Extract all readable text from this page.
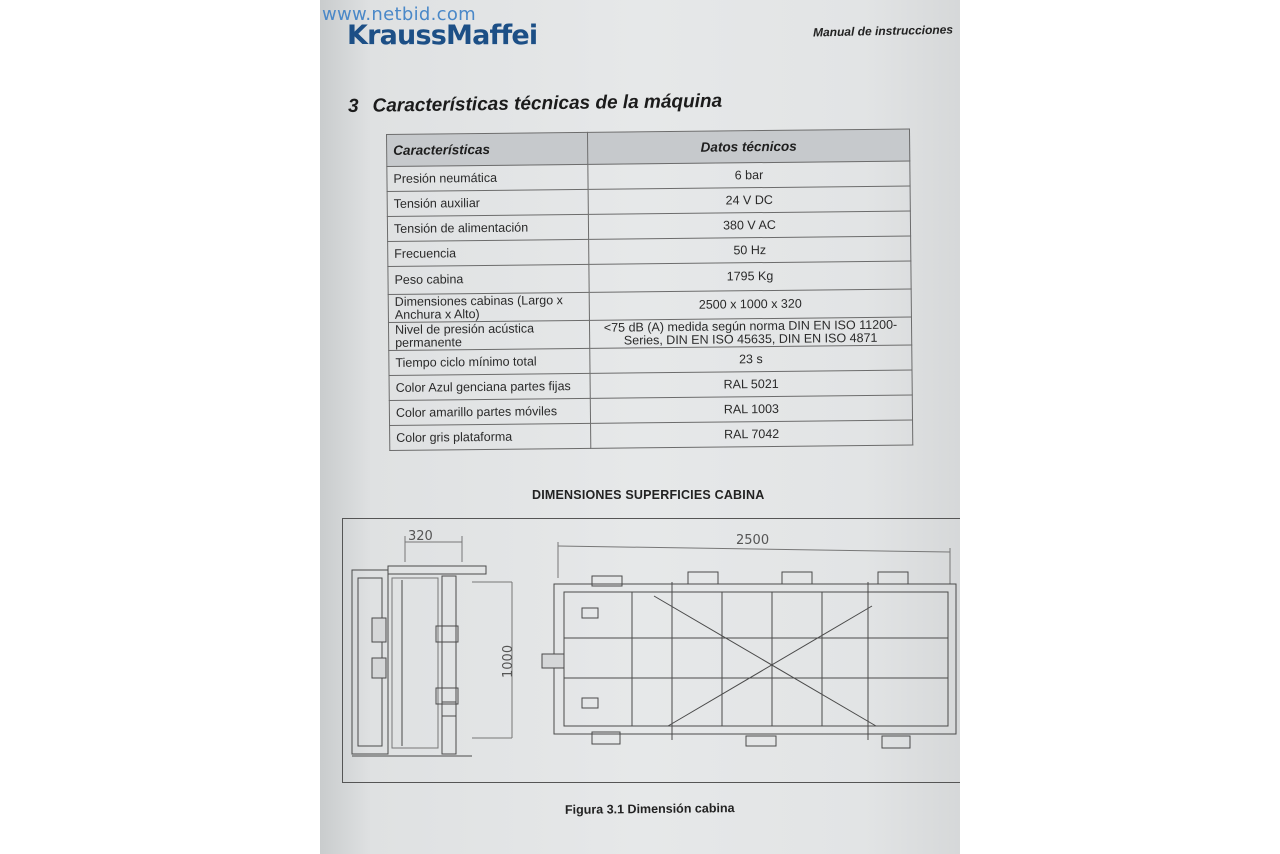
www.netbid.com
KraussMaffei	Manual de instrucciones
3 Características técnicas de la máquina
Características	Datos técnicos
Presión neumática	6 bar
Tensión auxiliar	24 V DC
Tensión de alimentación	380 V AC
Frecuencia	50 Hz
Peso cabina	1795 Kg
Dimensiones cabinas (Largo x Anchura x Alto)	2500 x 1000 x 320
Nivel de presión acústica permanente	<75 dB (A) medida según norma DIN EN ISO 11200-Series, DIN EN ISO 45635, DIN EN ISO 4871
Tiempo ciclo mínimo total	23 s
Color Azul genciana partes fijas	RAL 5021
Color amarillo partes móviles	RAL 1003
Color gris plataforma	RAL 7042
DIMENSIONES SUPERFICIES CABINA
320
1000
2500
Figura 3.1 Dimensión cabina
